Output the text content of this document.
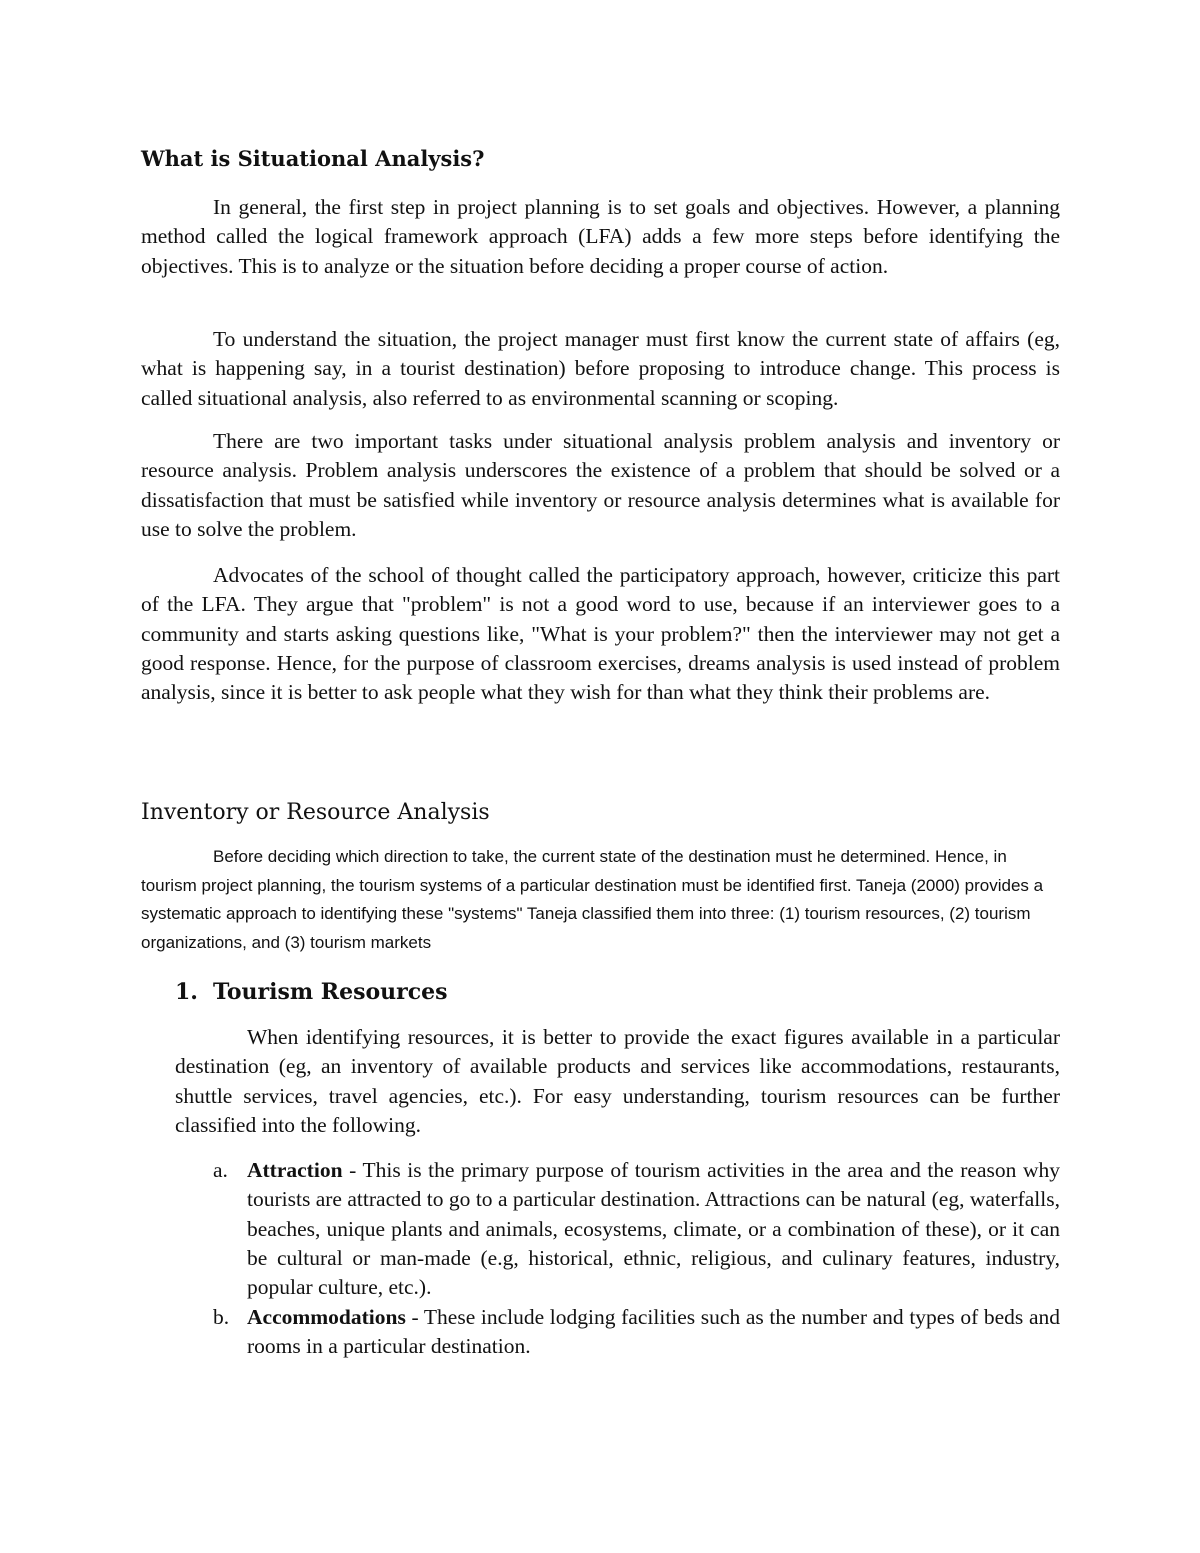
What is Situational Analysis?

In general, the first step in project planning is to set goals and objectives. However, a planning method called the logical framework approach (LFA) adds a few more steps before identifying the objectives. This is to analyze or the situation before deciding a proper course of action.

To understand the situation, the project manager must first know the current state of affairs (eg, what is happening say, in a tourist destination) before proposing to introduce change. This process is called situational analysis, also referred to as environmental scanning or scoping.

There are two important tasks under situational analysis problem analysis and inventory or resource analysis. Problem analysis underscores the existence of a problem that should be solved or a dissatisfaction that must be satisfied while inventory or resource analysis determines what is available for use to solve the problem.

Advocates of the school of thought called the participatory approach, however, criticize this part of the LFA. They argue that "problem" is not a good word to use, because if an interviewer goes to a community and starts asking questions like, "What is your problem?" then the interviewer may not get a good response. Hence, for the purpose of classroom exercises, dreams analysis is used instead of problem analysis, since it is better to ask people what they wish for than what they think their problems are.

Inventory or Resource Analysis

Before deciding which direction to take, the current state of the destination must he determined. Hence, in tourism project planning, the tourism systems of a particular destination must be identified first. Taneja (2000) provides a systematic approach to identifying these "systems" Taneja classified them into three: (1) tourism resources, (2) tourism organizations, and (3) tourism markets

1. Tourism Resources

When identifying resources, it is better to provide the exact figures available in a particular destination (eg, an inventory of available products and services like accommodations, restaurants, shuttle services, travel agencies, etc.). For easy understanding, tourism resources can be further classified into the following.

a. Attraction - This is the primary purpose of tourism activities in the area and the reason why tourists are attracted to go to a particular destination. Attractions can be natural (eg, waterfalls, beaches, unique plants and animals, ecosystems, climate, or a combination of these), or it can be cultural or man-made (e.g, historical, ethnic, religious, and culinary features, industry, popular culture, etc.).

b. Accommodations - These include lodging facilities such as the number and types of beds and rooms in a particular destination.
